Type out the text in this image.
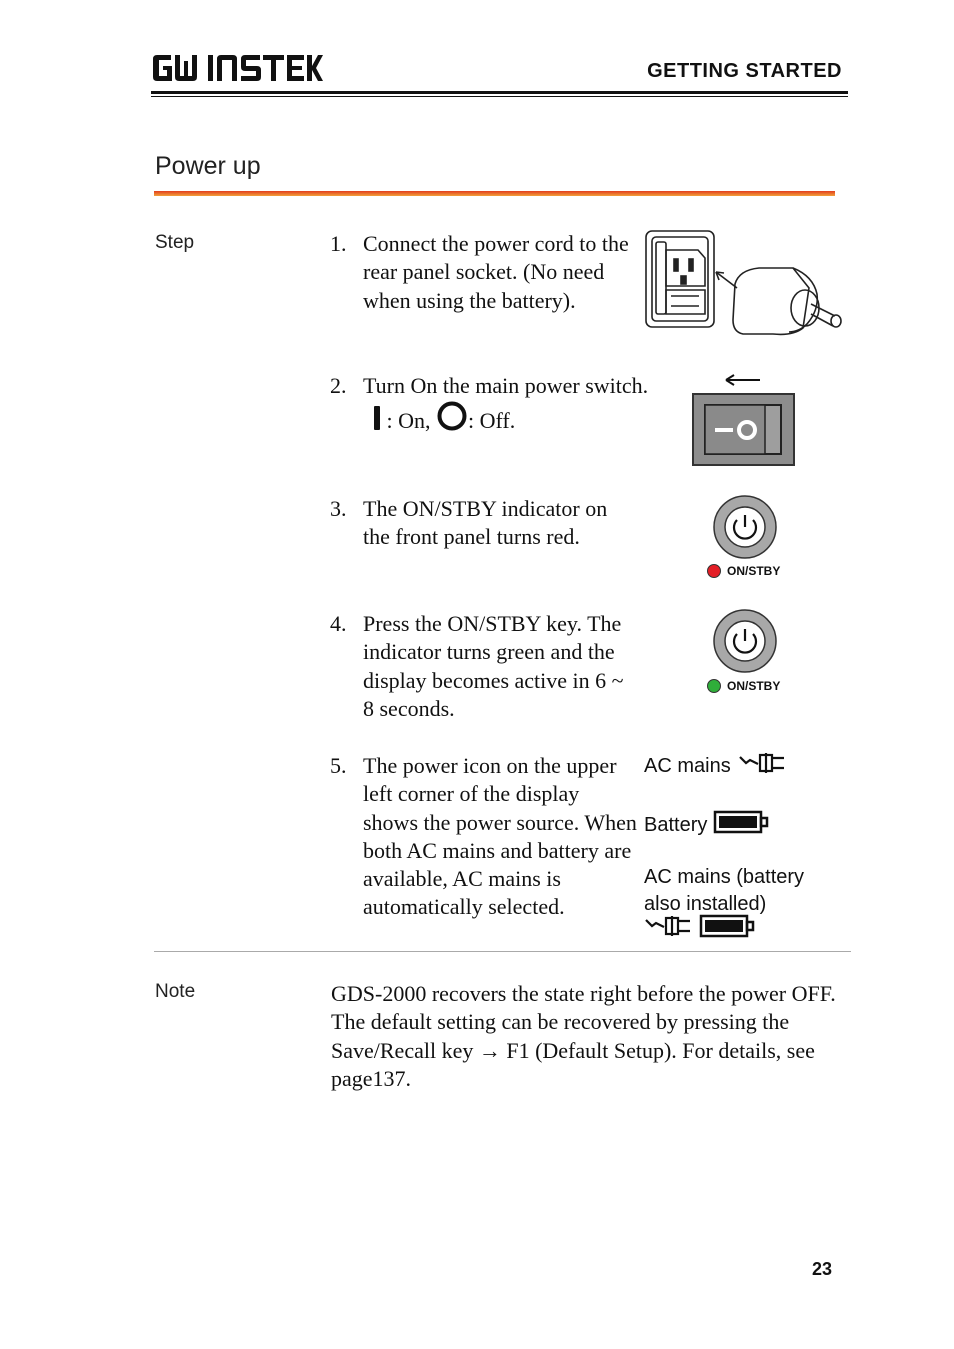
GETTING STARTED
Power up
Step	1. Connect the power cord to the rear panel socket. (No need when using the battery).
2. Turn On the main power switch.  : On, : Off.
3. The ON/STBY indicator on the front panel turns red.
ON/STBY
4. Press the ON/STBY key. The indicator turns green and the display becomes active in 6 ~ 8 seconds.
ON/STBY
5. The power icon on the upper left corner of the display shows the power source. When both AC mains and battery are available, AC mains is automatically selected.
AC mains
Battery
AC mains (battery also installed)
Note	GDS-2000 recovers the state right before the power OFF. The default setting can be recovered by pressing the Save/Recall key → F1 (Default Setup). For details, see page137.
23
